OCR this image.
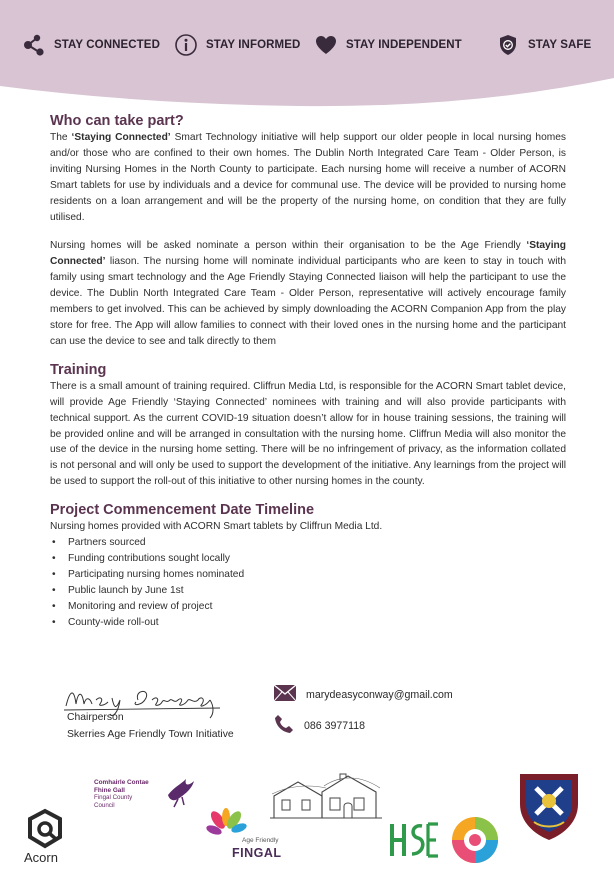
STAY CONNECTED	STAY INFORMED	STAY INDEPENDENT	STAY SAFE
Who can take part?

The ‘Staying Connected’ Smart Technology initiative will help support our older people in local nursing homes and/or those who are confined to their own homes. The Dublin North Integrated Care Team - Older Person, is inviting Nursing Homes in the North County to participate. Each nursing home will receive a number of ACORN Smart tablets for use by individuals and a device for communal use. The device will be provided to nursing home residents on a loan arrangement and will be the property of the nursing home, on condition that they are fully utilised.

Nursing homes will be asked nominate a person within their organisation to be the Age Friendly ‘Staying Connected’ liason. The nursing home will nominate individual participants who are keen to stay in touch with family using smart technology and the Age Friendly Staying Connected liaison will help the participant to use the device. The Dublin North Integrated Care Team - Older Person, representative will actively encourage family members to get involved. This can be achieved by simply downloading the ACORN Companion App from the play store for free. The App will allow families to connect with their loved ones in the nursing home and the participant can use the device to see and talk directly to them

Training

There is a small amount of training required. Cliffrun Media Ltd, is responsible for the ACORN Smart tablet device, will provide Age Friendly ‘Staying Connected’ nominees with training and will also provide participants with technical support. As the current COVID-19 situation doesn’t allow for in house training sessions, the training will be provided online and will be arranged in consultation with the nursing home. Cliffrun Media will also monitor the use of the device in the nursing home setting. There will be no infringement of privacy, as the information collated is not personal and will only be used to support the development of the initiative. Any learnings from the project will be used to support the roll-out of this initiative to other nursing homes in the county.

Project Commencement Date Timeline

Nursing homes provided with ACORN Smart tablets by Cliffrun Media Ltd.

• Partners sourced
• Funding contributions sought locally
• Participating nursing homes nominated
• Public launch by June 1st
• Monitoring and review of project
• County-wide roll-out
Chairperson
Skerries Age Friendly Town Initiative
marydeasyconway@gmail.com
086 3977118
Acorn
Comhairle Contae
Fhine Gall
Fingal County
Council
Age Friendly
FINGAL
